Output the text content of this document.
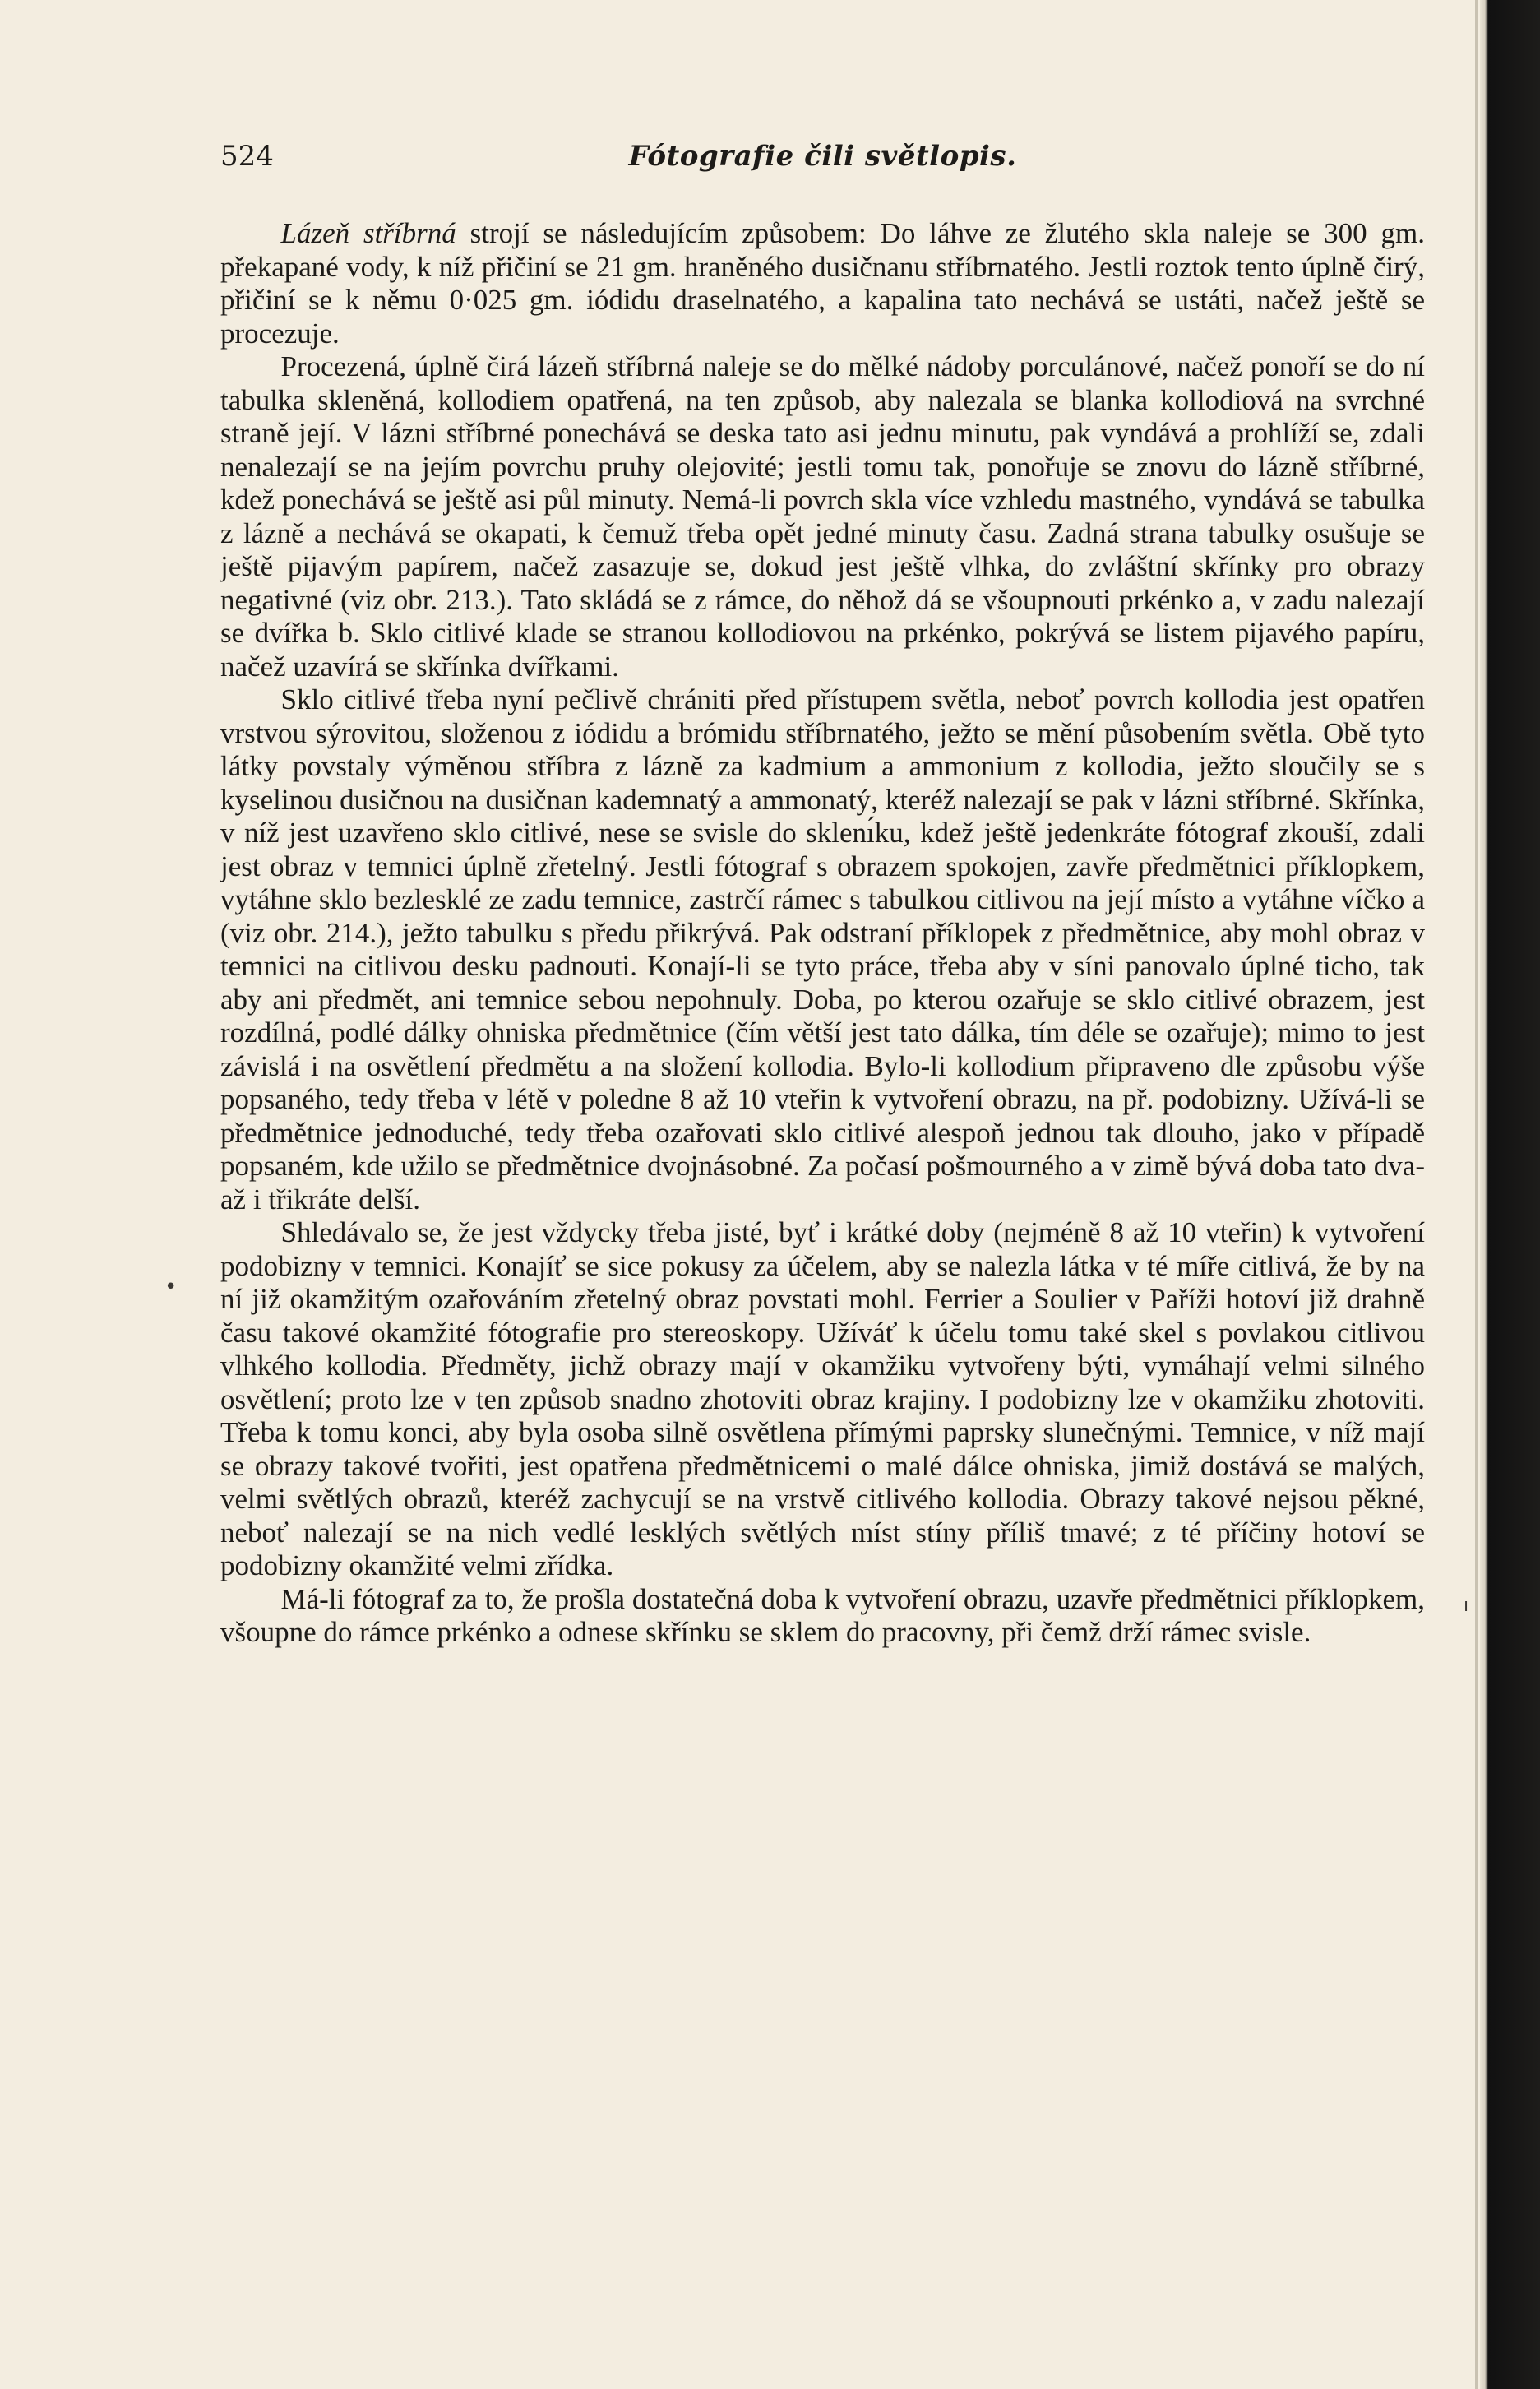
524	Fótografie čili světlopis.

Lázeň stříbrná strojí se následujícím způsobem: Do láhve ze žlutého skla naleje se 300 gm. překapané vody, k níž přičiní se 21 gm. hraněného dusičnanu stříbrnatého. Jestli roztok tento úplně čirý, přičiní se k němu 0·025 gm. iódidu draselnatého, a kapalina tato nechává se ustáti, načež ještě se procezuje.

Procezená, úplně čirá lázeň stříbrná naleje se do mělké nádoby porculánové, načež ponoří se do ní tabulka skleněná, kollodiem opatřená, na ten způsob, aby nalezala se blanka kollodiová na svrchné straně její. V lázni stříbrné ponechává se deska tato asi jednu minutu, pak vyndává a prohlíží se, zdali nenalezají se na jejím povrchu pruhy olejovité; jestli tomu tak, ponořuje se znovu do lázně stříbrné, kdež ponechává se ještě asi půl minuty. Nemá-li povrch skla více vzhledu mastného, vyndává se tabulka z lázně a nechává se okapati, k čemuž třeba opět jedné minuty času. Zadná strana tabulky osušuje se ještě pijavým papírem, načež zasazuje se, dokud jest ještě vlhka, do zvláštní skřínky pro obrazy negativné (viz obr. 213.). Tato skládá se z rámce, do něhož dá se všoupnouti prkénko a, v zadu nalezají se dvířka b. Sklo citlivé klade se stranou kollodiovou na prkénko, pokrývá se listem pijavého papíru, načež uzavírá se skřínka dvířkami.

Sklo citlivé třeba nyní pečlivě chrániti před přístupem světla, neboť povrch kollodia jest opatřen vrstvou sýrovitou, složenou z iódidu a brómidu stříbrnatého, ježto se mění působením světla. Obě tyto látky povstaly výměnou stříbra z lázně za kadmium a ammonium z kollodia, ježto sloučily se s kyselinou dusičnou na dusičnan kademnatý a ammonatý, kteréž nalezají se pak v lázni stříbrné. Skřínka, v níž jest uzavřeno sklo citlivé, nese se svisle do sklenı́ku, kdež ještě jedenkráte fótograf zkouší, zdali jest obraz v temnici úplně zřetelný. Jestli fótograf s obrazem spokojen, zavře předmětnici příklopkem, vytáhne sklo bezlesklé ze zadu temnice, zastrčí rámec s tabulkou citlivou na její místo a vytáhne víčko a (viz obr. 214.), ježto tabulku s předu přikrývá. Pak odstraní příklopek z předmětnice, aby mohl obraz v temnici na citlivou desku padnouti. Konají-li se tyto práce, třeba aby v síni panovalo úplné ticho, tak aby ani předmět, ani temnice sebou nepohnuly. Doba, po kterou ozařuje se sklo citlivé obrazem, jest rozdílná, podlé dálky ohniska předmětnice (čím větší jest tato dálka, tím déle se ozařuje); mimo to jest závislá i na osvětlení předmětu a na složení kollodia. Bylo-li kollodium připraveno dle způsobu výše popsaného, tedy třeba v létě v poledne 8 až 10 vteřin k vytvoření obrazu, na př. podobizny. Užívá-li se předmětnice jednoduché, tedy třeba ozařovati sklo citlivé alespoň jednou tak dlouho, jako v případě popsaném, kde užilo se předmětnice dvojnásobné. Za počasí pošmourného a v zimě bývá doba tato dva- až i třikráte delší.

Shledávalo se, že jest vždycky třeba jisté, byť i krátké doby (nejméně 8 až 10 vteřin) k vytvoření podobizny v temnici. Konajíť se sice pokusy za účelem, aby se nalezla látka v té míře citlivá, že by na ní již okamžitým ozařováním zřetelný obraz povstati mohl. Ferrier a Soulier v Paříži hotoví již drahně času takové okamžité fótografie pro stereoskopy. Užíváť k účelu tomu také skel s povlakou citlivou vlhkého kollodia. Předměty, jichž obrazy mají v okamžiku vytvořeny býti, vymáhají velmi silného osvětlení; proto lze v ten způsob snadno zhotoviti obraz krajiny. I podobizny lze v okamžiku zhotoviti. Třeba k tomu konci, aby byla osoba silně osvětlena přímými paprsky slunečnými. Temnice, v níž mají se obrazy takové tvořiti, jest opatřena předmětnicemi o malé dálce ohniska, jimiž dostává se malých, velmi světlých obrazů, kteréž zachycují se na vrstvě citlivého kollodia. Obrazy takové nejsou pěkné, neboť nalezají se na nich vedlé lesklých světlých míst stíny příliš tmavé; z té příčiny hotoví se podobizny okamžité velmi zřídka.

Má-li fótograf za to, že prošla dostatečná doba k vytvoření obrazu, uzavře předmětnici příklopkem, všoupne do rámce prkénko a odnese skřínku se sklem do pracovny, při čemž drží rámec svisle.

•
ı
